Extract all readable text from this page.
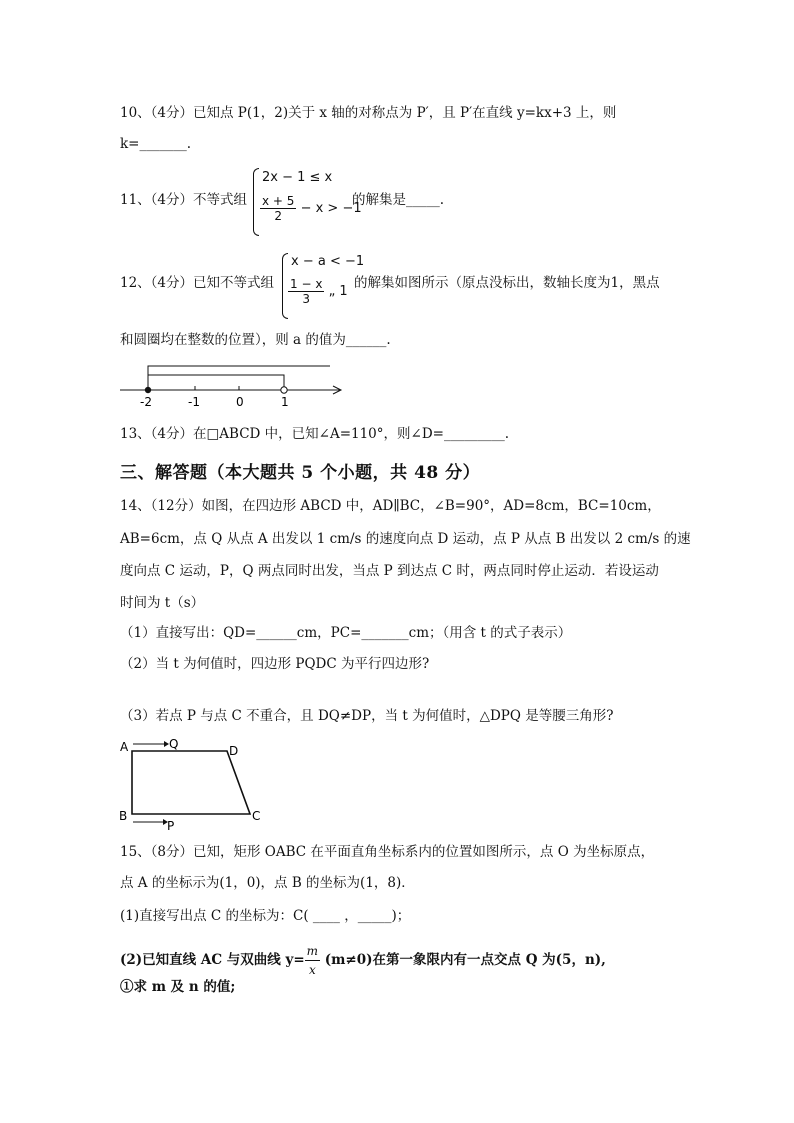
10、（4分）已知点 P(1，2)关于 x 轴的对称点为 P′，且 P′在直线 y=kx+3 上，则
k=_______.
11、（4分）不等式组
2x − 1 ≤ x
$\frac{x + 5}{2} - x > -1$
的解集是_____.
12、（4分）已知不等式组
x − a < −1
$\frac{1 - x}{3}$ „ 1
的解集如图所示（原点没标出，数轴长度为1，黑点
和圆圈均在整数的位置），则 a 的值为______.
-2	-1	0	1
13、（4分）在□ABCD 中，已知∠A=110°，则∠D=_________.
三、解答题（本大题共 5 个小题，共 48 分）
14、（12分）如图，在四边形 ABCD 中，AD∥BC，∠B=90°，AD=8cm，BC=10cm，
AB=6cm，点 Q 从点 A 出发以 1 cm/s 的速度向点 D 运动，点 P 从点 B 出发以 2 cm/s 的速
度向点 C 运动，P，Q 两点同时出发，当点 P 到达点 C 时，两点同时停止运动．若设运动
时间为 t（s）
（1）直接写出：QD=______cm，PC=_______cm；（用含 t 的式子表示）
（2）当 t 为何值时，四边形 PQDC 为平行四边形?
（3）若点 P 与点 C 不重合，且 DQ≠DP，当 t 为何值时，△DPQ 是等腰三角形?
A	Q	D
B
P
C
15、（8分）已知，矩形 OABC 在平面直角坐标系内的位置如图所示，点 O 为坐标原点，
点 A 的坐标示为(1，0)，点 B 的坐标为(1，8)．
(1)直接写出点 C 的坐标为：C( ____ ，_____)；
(2)已知直线 AC 与双曲线 $y= \frac{m}{x} (m\ne 0)$在第一象限内有一点交点 Q 为(5，n),
①求 m 及 n 的值;
